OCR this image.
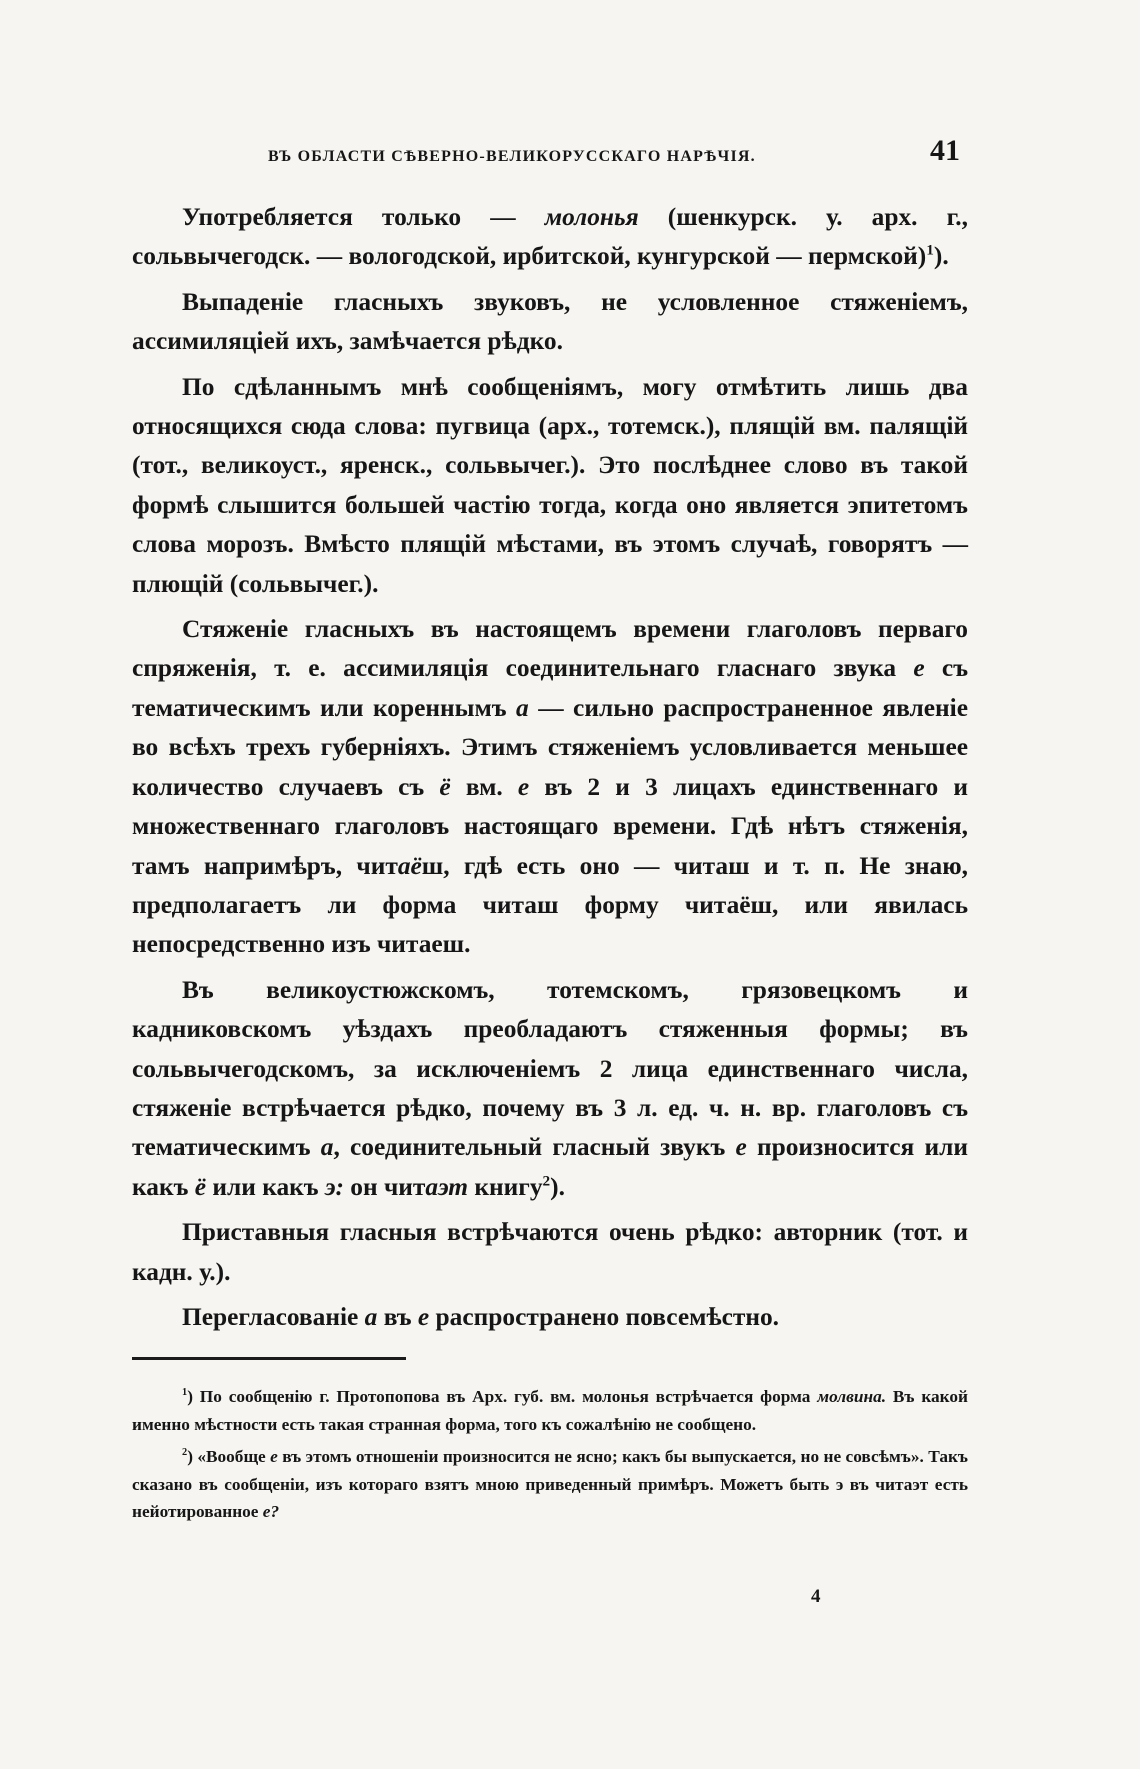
ВЪ ОБЛАСТИ СѢВЕРНО-ВЕЛИКОРУССКАГО НАРѢЧІЯ.	41

Употребляется только — молонья (шенкурск. у. арх. г., сольвычегодск. — вологодской, ирбитской, кунгурской — пермской)$^1$).

Выпаденіе гласныхъ звуковъ, не условленное стяженіемъ, ассимиляціей ихъ, замѣчается рѣдко.

По сдѣланнымъ мнѣ сообщеніямъ, могу отмѣтить лишь два относящихся сюда слова: пугвица (арх., тотемск.), плящій вм. палящій (тот., великоуст., яренск., сольвычег.). Это послѣднее слово въ такой формѣ слышится большей частію тогда, когда оно является эпитетомъ слова морозъ. Вмѣсто плящій мѣстами, въ этомъ случаѣ, говорятъ — плющій (сольвычег.).

Стяженіе гласныхъ въ настоящемъ времени глаголовъ перваго спряженія, т. е. ассимиляція соединительнаго гласнаго звука е съ тематическимъ или кореннымъ а — сильно распространенное явленіе во всѣхъ трехъ губерніяхъ. Этимъ стяженіемъ условливается меньшее количество случаевъ съ ё вм. е въ 2 и 3 лицахъ единственнаго и множественнаго глаголовъ настоящаго времени. Гдѣ нѣтъ стяженія, тамъ напримѣръ, читаёш, гдѣ есть оно — читаш и т. п. Не знаю, предполагаетъ ли форма читаш форму читаёш, или явилась непосредственно изъ читаеш.

Въ великоустюжскомъ, тотемскомъ, грязовецкомъ и кадниковскомъ уѣздахъ преобладаютъ стяженныя формы; въ сольвычегодскомъ, за исключеніемъ 2 лица единственнаго числа, стяженіе встрѣчается рѣдко, почему въ 3 л. ед. ч. н. вр. глаголовъ съ тематическимъ а, соединительный гласный звукъ е произносится или какъ ё или какъ э: он читаэт книгу$^2$).

Приставныя гласныя встрѣчаются очень рѣдко: авторник (тот. и кадн. у.).

Перегласованіе а въ е распространено повсемѣстно.

$^1$) По сообщенію г. Протопопова въ Арх. губ. вм. молонья встрѣчается форма молвина. Въ какой именно мѣстности есть такая странная форма, того къ сожалѣнію не сообщено.

$^2$) «Вообще е въ этомъ отношеніи произносится не ясно; какъ бы выпускается, но не совсѣмъ». Такъ сказано въ сообщеніи, изъ котораго взятъ мною приведенный примѣръ. Можетъ быть э въ читаэт есть нейотированное е?

4
